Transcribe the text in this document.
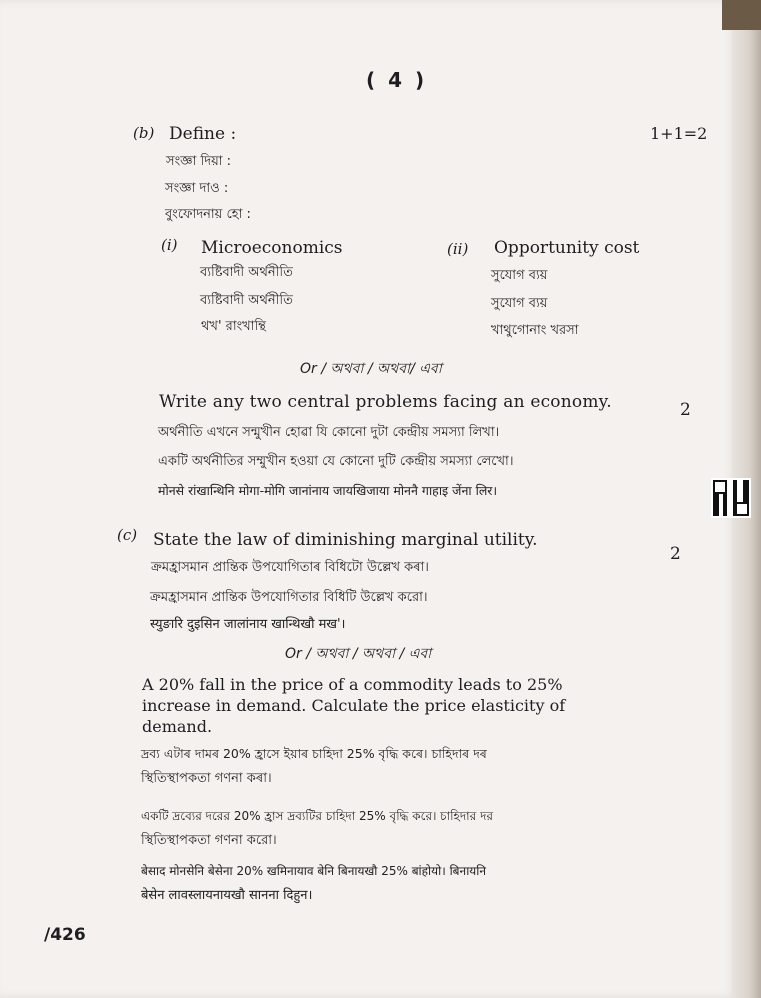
( 4 )
(b) Define :	1+1=2
সংজ্ঞা দিয়া :
সংজ্ঞা দাও :
বুংফোদনায় হো :
(i) Microeconomics
ব্যষ্টিবাদী অৰ্থনীতি
ব্যষ্টিবাদী অর্থনীতি
থখ' রাংখান্থি
(ii) Opportunity cost
সুযোগ ব্যয়
সুযোগ ব্যয়
খাথুগোনাং খরসা
Or / অথবা / অথবা/ এবা
Write any two central problems facing an economy.	2
অৰ্থনীতি এখনে সন্মুখীন হোৱা যি কোনো দুটা কেন্দ্ৰীয় সমস্যা লিখা।
একটি অর্থনীতির সম্মুখীন হওয়া যে কোনো দুটি কেন্দ্রীয় সমস্যা লেখো।
मोनसे रांखान्थिनि मोगा-मोगि जानांनाय जायखिजाया मोननै गाहाइ जेंना लिर।
(c) State the law of diminishing marginal utility.
2
ক্ৰমহ্ৰাসমান প্ৰান্তিক উপযোগিতাৰ বিধিটো উল্লেখ কৰা।
ক্রমহ্রাসমান প্রান্তিক উপযোগিতার বিধিটি উল্লেখ করো।
स्युङारि दुइसिन जालांनाय खान्थिखौ मख'।
Or / অথবা / অথবা / এবা
A 20% fall in the price of a commodity leads to 25%
increase in demand. Calculate the price elasticity of
demand.
দ্ৰব্য এটাৰ দামৰ 20% হ্ৰাসে ইয়াৰ চাহিদা 25% বৃদ্ধি কৰে। চাহিদাৰ দৰ
স্থিতিস্থাপকতা গণনা কৰা।
একটি দ্রব্যের দরের 20% হ্রাস দ্রব্যটির চাহিদা 25% বৃদ্ধি করে। চাহিদার দর
স্থিতিস্থাপকতা গণনা করো।
बेसाद मोनसेनि बेसेना 20% खमिनायाव बेनि बिनायखौ 25% बांहोयो। बिनायनि
बेसेन लावस्लायनायखौ सानना दिहुन।
/426
